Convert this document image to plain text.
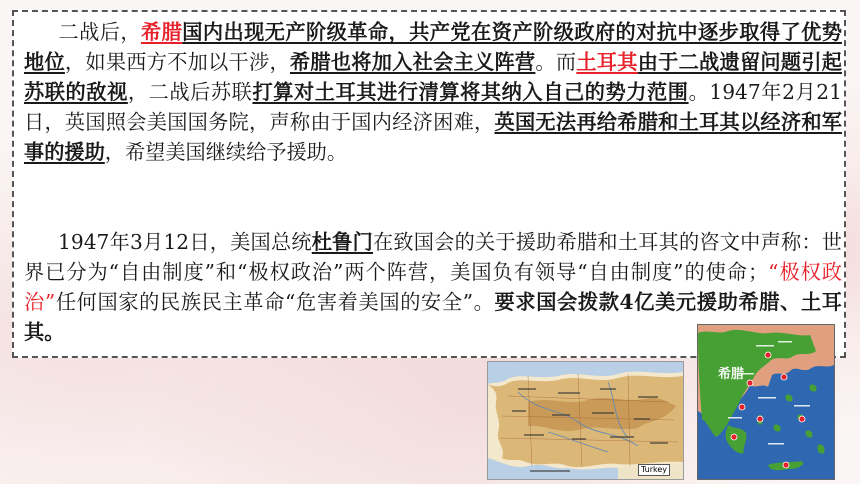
二战后，希腊国内出现无产阶级革命，共产党在资产阶级政府的对抗中逐步取得了优势地位，如果西方不加以干涉，希腊也将加入社会主义阵营。而土耳其由于二战遗留问题引起苏联的敌视，二战后苏联打算对土耳其进行清算将其纳入自己的势力范围。1947年2月21日，英国照会美国国务院，声称由于国内经济困难，英国无法再给希腊和土耳其以经济和军事的援助，希望美国继续给予援助。

1947年3月12日，美国总统杜鲁门在致国会的关于援助希腊和土耳其的咨文中声称：世界已分为“自由制度”和“极权政治”两个阵营，美国负有领导“自由制度”的使命；“极权政治”任何国家的民族民主革命“危害着美国的安全”。要求国会拨款4亿美元援助希腊、土耳其。

Turkey
希腊
